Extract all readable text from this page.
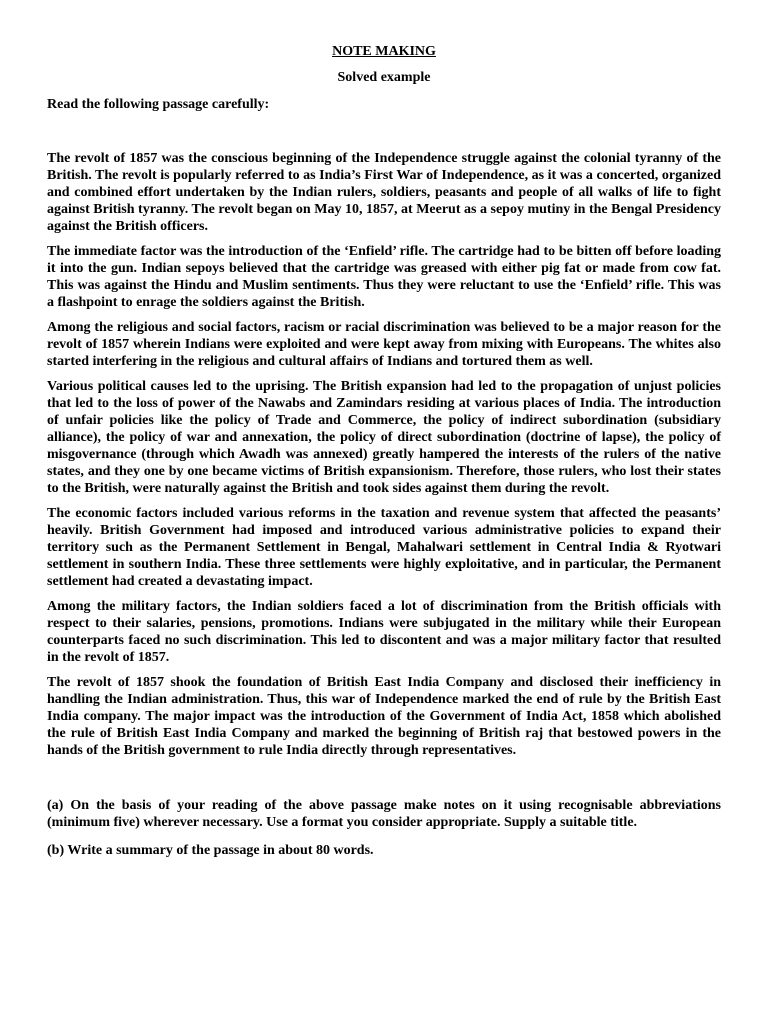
NOTE MAKING
Solved example
Read the following passage carefully:

The revolt of 1857 was the conscious beginning of the Independence struggle against the colonial tyranny of the British. The revolt is popularly referred to as India’s First War of Independence, as it was a concerted, organized and combined effort undertaken by the Indian rulers, soldiers, peasants and people of all walks of life to fight against British tyranny. The revolt began on May 10, 1857, at Meerut as a sepoy mutiny in the Bengal Presidency against the British officers.

The immediate factor was the introduction of the ‘Enfield’ rifle. The cartridge had to be bitten off before loading it into the gun. Indian sepoys believed that the cartridge was greased with either pig fat or made from cow fat. This was against the Hindu and Muslim sentiments. Thus they were reluctant to use the ‘Enfield’ rifle. This was a flashpoint to enrage the soldiers against the British.

Among the religious and social factors, racism or racial discrimination was believed to be a major reason for the revolt of 1857 wherein Indians were exploited and were kept away from mixing with Europeans. The whites also started interfering in the religious and cultural affairs of Indians and tortured them as well.

Various political causes led to the uprising. The British expansion had led to the propagation of unjust policies that led to the loss of power of the Nawabs and Zamindars residing at various places of India. The introduction of unfair policies like the policy of Trade and Commerce, the policy of indirect subordination (subsidiary alliance), the policy of war and annexation, the policy of direct subordination (doctrine of lapse), the policy of misgovernance (through which Awadh was annexed) greatly hampered the interests of the rulers of the native states, and they one by one became victims of British expansionism. Therefore, those rulers, who lost their states to the British, were naturally against the British and took sides against them during the revolt.

The economic factors included various reforms in the taxation and revenue system that affected the peasants’ heavily. British Government had imposed and introduced various administrative policies to expand their territory such as the Permanent Settlement in Bengal, Mahalwari settlement in Central India & Ryotwari settlement in southern India. These three settlements were highly exploitative, and in particular, the Permanent settlement had created a devastating impact.

Among the military factors, the Indian soldiers faced a lot of discrimination from the British officials with respect to their salaries, pensions, promotions. Indians were subjugated in the military while their European counterparts faced no such discrimination. This led to discontent and was a major military factor that resulted in the revolt of 1857.

The revolt of 1857 shook the foundation of British East India Company and disclosed their inefficiency in handling the Indian administration. Thus, this war of Independence marked the end of rule by the British East India company. The major impact was the introduction of the Government of India Act, 1858 which abolished the rule of British East India Company and marked the beginning of British raj that bestowed powers in the hands of the British government to rule India directly through representatives.

(a) On the basis of your reading of the above passage make notes on it using recognisable abbreviations (minimum five) wherever necessary. Use a format you consider appropriate. Supply a suitable title.

(b) Write a summary of the passage in about 80 words.
